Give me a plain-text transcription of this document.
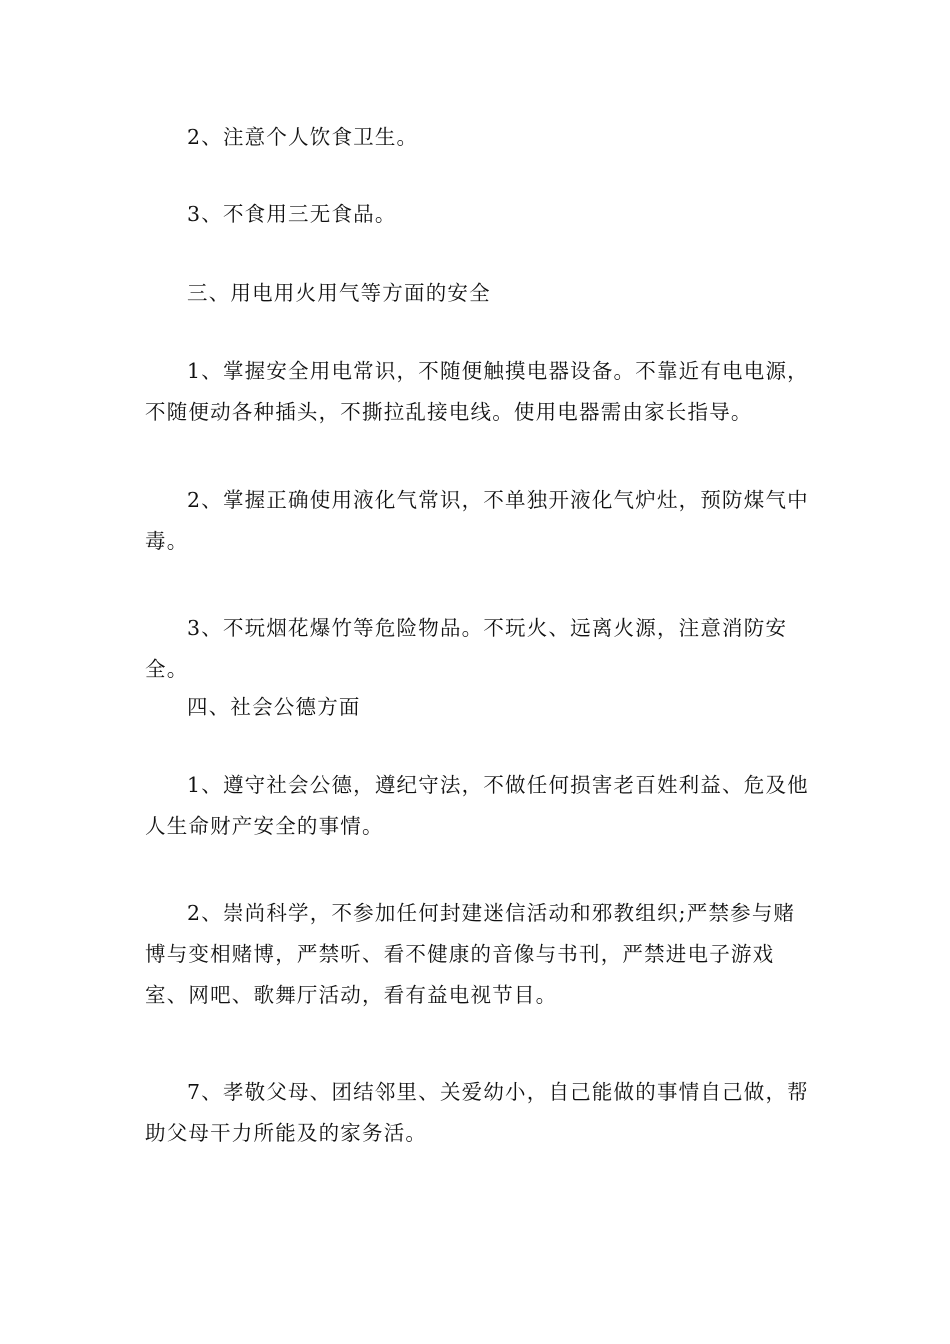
2、注意个人饮食卫生。

3、不食用三无食品。

三、用电用火用气等方面的安全

1、掌握安全用电常识，不随便触摸电器设备。不靠近有电电源，不随便动各种插头，不撕拉乱接电线。使用电器需由家长指导。

2、掌握正确使用液化气常识，不单独开液化气炉灶，预防煤气中毒。

3、不玩烟花爆竹等危险物品。不玩火、远离火源，注意消防安全。

四、社会公德方面

1、遵守社会公德，遵纪守法，不做任何损害老百姓利益、危及他人生命财产安全的事情。

2、崇尚科学，不参加任何封建迷信活动和邪教组织;严禁参与赌博与变相赌博，严禁听、看不健康的音像与书刊，严禁进电子游戏室、网吧、歌舞厅活动，看有益电视节目。

7、孝敬父母、团结邻里、关爱幼小，自己能做的事情自己做，帮助父母干力所能及的家务活。
